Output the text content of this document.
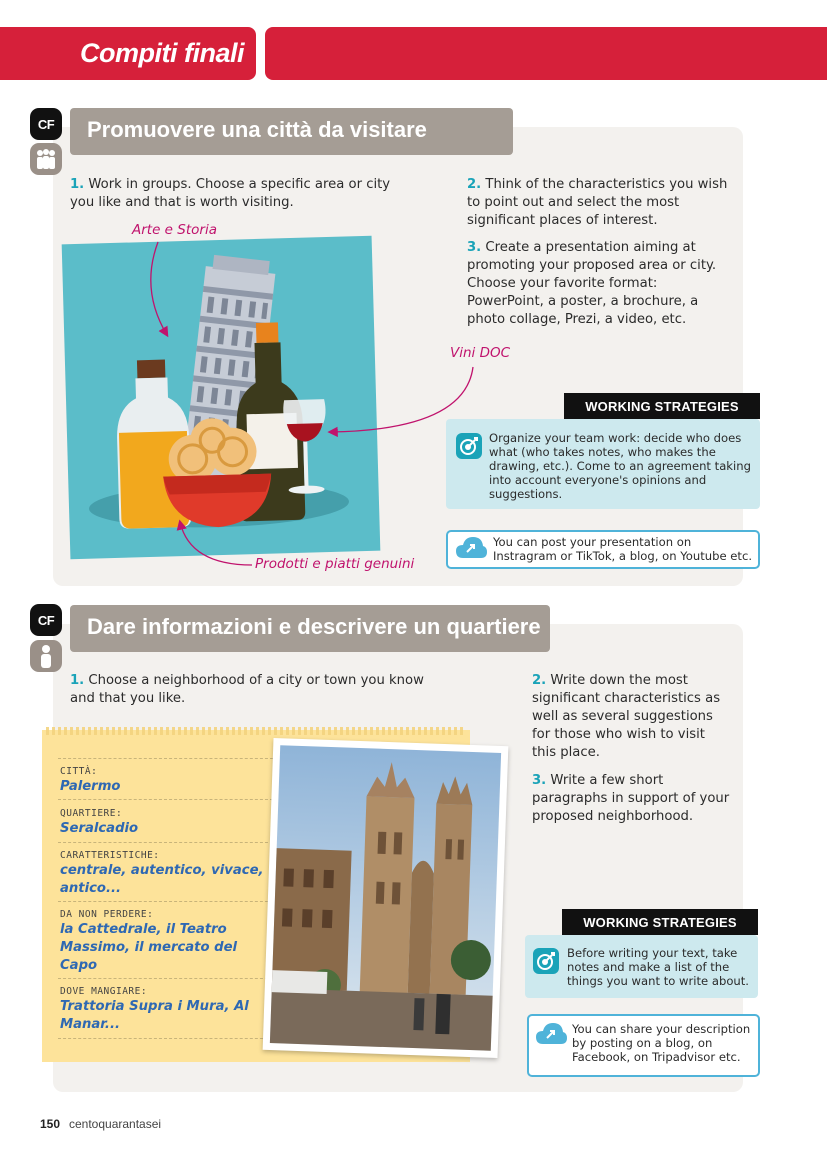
Compiti finali
CF	Promuovere una città da visitare
1. Work in groups. Choose a specific area or city you like and that is worth visiting.
2. Think of the characteristics you wish to point out and select the most significant places of interest.
3. Create a presentation aiming at promoting your proposed area or city. Choose your favorite format: PowerPoint, a poster, a brochure, a photo collage, Prezi, a video, etc.
Arte e Storia
Vini DOC
Prodotti e piatti genuini
WORKING STRATEGIES
Organize your team work: decide who does what (who takes notes, who makes the drawing, etc.). Come to an agreement taking into account everyone's opinions and suggestions.
You can post your presentation on Instragram or TikTok, a blog, on Youtube etc.
CF	Dare informazioni e descrivere un quartiere
1. Choose a neighborhood of a city or town you know and that you like.
2. Write down the most significant characteristics as well as several suggestions for those who wish to visit this place.
3. Write a few short paragraphs in support of your proposed neighborhood.
CITTÀ:
Palermo
QUARTIERE:
Seralcadio
CARATTERISTICHE:
centrale, autentico, vivace, antico...
DA NON PERDERE:
la Cattedrale, il Teatro Massimo, il mercato del Capo
DOVE MANGIARE:
Trattoria Supra i Mura, Al Manar...
WORKING STRATEGIES
Before writing your text, take notes and make a list of the things you want to write about.
You can share your description by posting on a blog, on Facebook, on Tripadvisor etc.
150 centoquarantasei
